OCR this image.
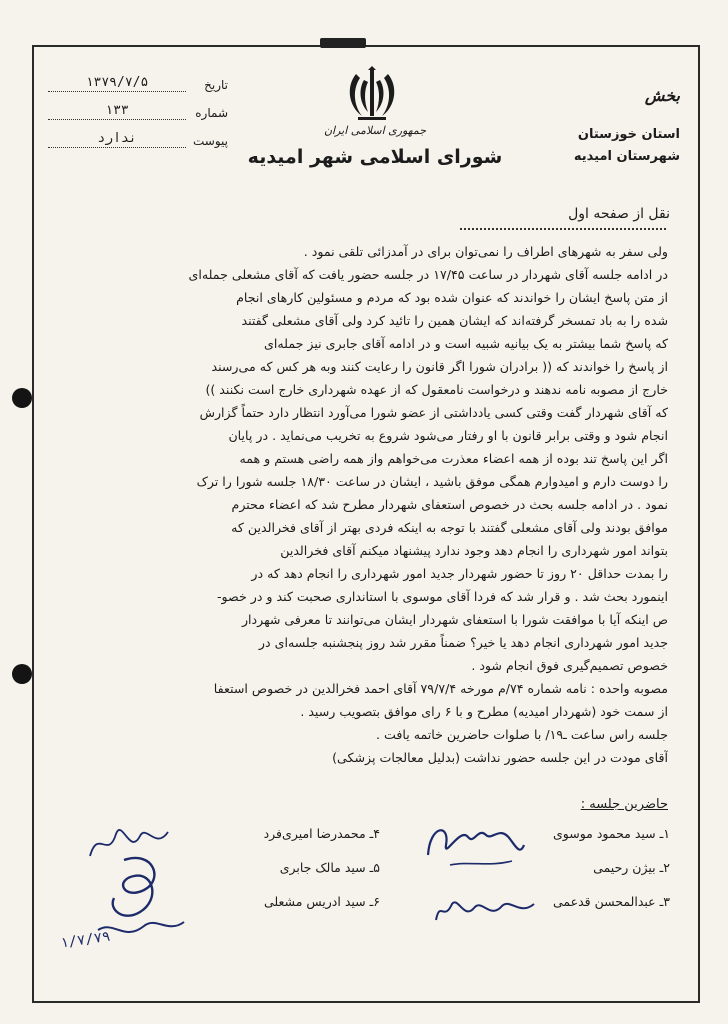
تاریخ
۱۳۷۹/۷/۵
شماره
۱۳۳
پیوست
ندارد
جمهوری اسلامی ایران
شورای اسلامی شهر امیدیه
بخش
استان خوزستان
شهرستان امیدیه
نقل از صفحه اول

ولی سفر به شهرهای اطراف را نمی‌توان برای در آمدزائی تلقی نمود .

در ادامه جلسه آقای شهردار در ساعت ۱۷/۴۵ در جلسه حضور یافت که آقای مشعلی جمله‌ای

از متن پاسخ ایشان را خواندند که عنوان شده بود که مردم و مسئولین کارهای انجام

شده را به باد تمسخر گرفته‌اند که ایشان همین را تائید کرد ولی آقای مشعلی گفتند

که پاسخ شما بیشتر به یک بیانیه شبیه است و در ادامه آقای جابری نیز جمله‌ای

از پاسخ را خواندند که (( برادران شورا اگر قانون را رعایت کنند وبه هر کس که می‌رسند

خارج از مصوبه نامه ندهند و درخواست نامعقول که از عهده شهرداری خارج است نکنند ))

که آقای شهردار گفت وقتی کسی یادداشتی از عضو شورا می‌آورد انتظار دارد حتماً گزارش

انجام شود و وقتی برابر قانون با او رفتار می‌شود شروع به تخریب می‌نماید . در پایان

اگر این پاسخ تند بوده از همه اعضاء معذرت می‌خواهم واز همه راضی هستم و همه

را دوست دارم و امیدوارم همگی موفق باشید ، ایشان در ساعت ۱۸/۳۰ جلسه شورا را ترک

نمود . در ادامه جلسه بحث در خصوص استعفای شهردار مطرح شد که اعضاء محترم

موافق بودند ولی آقای مشعلی گفتند با توجه به اینکه فردی بهتر از آقای فخرالدین که

بتواند امور شهرداری را انجام دهد وجود ندارد پیشنهاد میکنم آقای فخرالدین

را بمدت حداقل ۲۰ روز تا حضور شهردار جدید امور شهرداری را انجام دهد که در

اینمورد بحث شد . و قرار شد که فردا آقای موسوی با استانداری صحبت کند و در خصو-

ص اینکه آیا با موافقت شورا با استعفای شهردار ایشان می‌توانند تا معرفی شهردار

جدید امور شهرداری انجام دهد یا خیر؟ ضمناً مقرر شد روز پنجشنبه جلسه‌ای در

خصوص تصمیم‌گیری فوق انجام شود .

مصوبه واحده : نامه شماره ۷۴/م مورخه ۷۹/۷/۴ آقای احمد فخرالدین در خصوص استعفا

از سمت خود (شهردار امیدیه) مطرح و با ۶ رای موافق بتصویب رسید .

جلسه راس ساعت ـ۱۹/ با صلوات حاضرین خاتمه یافت .

آقای مودت در این جلسه حضور نداشت (بدلیل معالجات پزشکی)

حاضرین جلسه :
۱ـ سید محمود موسوی
۲ـ بیژن رحیمی
۳ـ عبدالمحسن قدعمی
۴ـ محمدرضا امیری‌فرد
۵ـ سید مالک جابری
۶ـ سید ادریس مشعلی
۱/۷/۷۹
